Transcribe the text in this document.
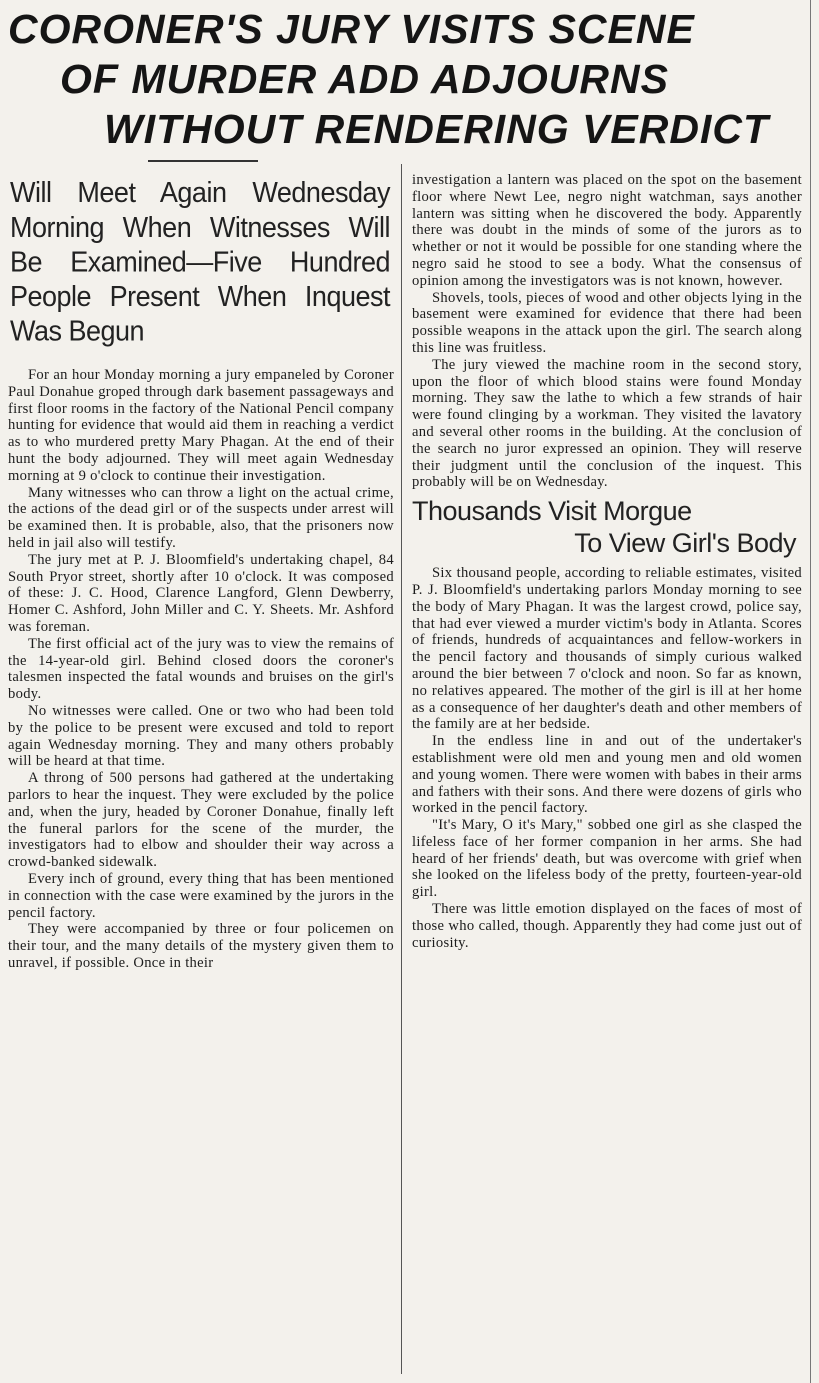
CORONER'S JURY VISITS SCENE
OF MURDER ADD ADJOURNS
WITHOUT RENDERING VERDICT
Will Meet Again Wednesday Morning When Witnesses Will Be Examined—Five Hundred People Present When Inquest Was Begun

For an hour Monday morning a jury empaneled by Coroner Paul Donahue groped through dark basement passageways and first floor rooms in the factory of the National Pencil company hunting for evidence that would aid them in reaching a verdict as to who murdered pretty Mary Phagan. At the end of their hunt the body adjourned. They will meet again Wednesday morning at 9 o'clock to continue their investigation.

Many witnesses who can throw a light on the actual crime, the actions of the dead girl or of the suspects under arrest will be examined then. It is probable, also, that the prisoners now held in jail also will testify.

The jury met at P. J. Bloomfield's undertaking chapel, 84 South Pryor street, shortly after 10 o'clock. It was composed of these: J. C. Hood, Clarence Langford, Glenn Dewberry, Homer C. Ashford, John Miller and C. Y. Sheets. Mr. Ashford was foreman.

The first official act of the jury was to view the remains of the 14-year-old girl. Behind closed doors the coroner's talesmen inspected the fatal wounds and bruises on the girl's body.

No witnesses were called. One or two who had been told by the police to be present were excused and told to report again Wednesday morning. They and many others probably will be heard at that time.

A throng of 500 persons had gathered at the undertaking parlors to hear the inquest. They were excluded by the police and, when the jury, headed by Coroner Donahue, finally left the funeral parlors for the scene of the murder, the investigators had to elbow and shoulder their way across a crowd-banked sidewalk.

Every inch of ground, every thing that has been mentioned in connection with the case were examined by the jurors in the pencil factory.

They were accompanied by three or four policemen on their tour, and the many details of the mystery given them to unravel, if possible. Once in their

investigation a lantern was placed on the spot on the basement floor where Newt Lee, negro night watchman, says another lantern was sitting when he discovered the body. Apparently there was doubt in the minds of some of the jurors as to whether or not it would be possible for one standing where the negro said he stood to see a body. What the consensus of opinion among the investigators was is not known, however.

Shovels, tools, pieces of wood and other objects lying in the basement were examined for evidence that there had been possible weapons in the attack upon the girl. The search along this line was fruitless.

The jury viewed the machine room in the second story, upon the floor of which blood stains were found Monday morning. They saw the lathe to which a few strands of hair were found clinging by a workman. They visited the lavatory and several other rooms in the building. At the conclusion of the search no juror expressed an opinion. They will reserve their judgment until the conclusion of the inquest. This probably will be on Wednesday.

Thousands Visit Morgue
To View Girl's Body

Six thousand people, according to reliable estimates, visited P. J. Bloomfield's undertaking parlors Monday morning to see the body of Mary Phagan. It was the largest crowd, police say, that had ever viewed a murder victim's body in Atlanta. Scores of friends, hundreds of acquaintances and fellow-workers in the pencil factory and thousands of simply curious walked around the bier between 7 o'clock and noon. So far as known, no relatives appeared. The mother of the girl is ill at her home as a consequence of her daughter's death and other members of the family are at her bedside.

In the endless line in and out of the undertaker's establishment were old men and young men and old women and young women. There were women with babes in their arms and fathers with their sons. And there were dozens of girls who worked in the pencil factory.

"It's Mary, O it's Mary," sobbed one girl as she clasped the lifeless face of her former companion in her arms. She had heard of her friends' death, but was overcome with grief when she looked on the lifeless body of the pretty, fourteen-year-old girl.

There was little emotion displayed on the faces of most of those who called, though. Apparently they had come just out of curiosity.
